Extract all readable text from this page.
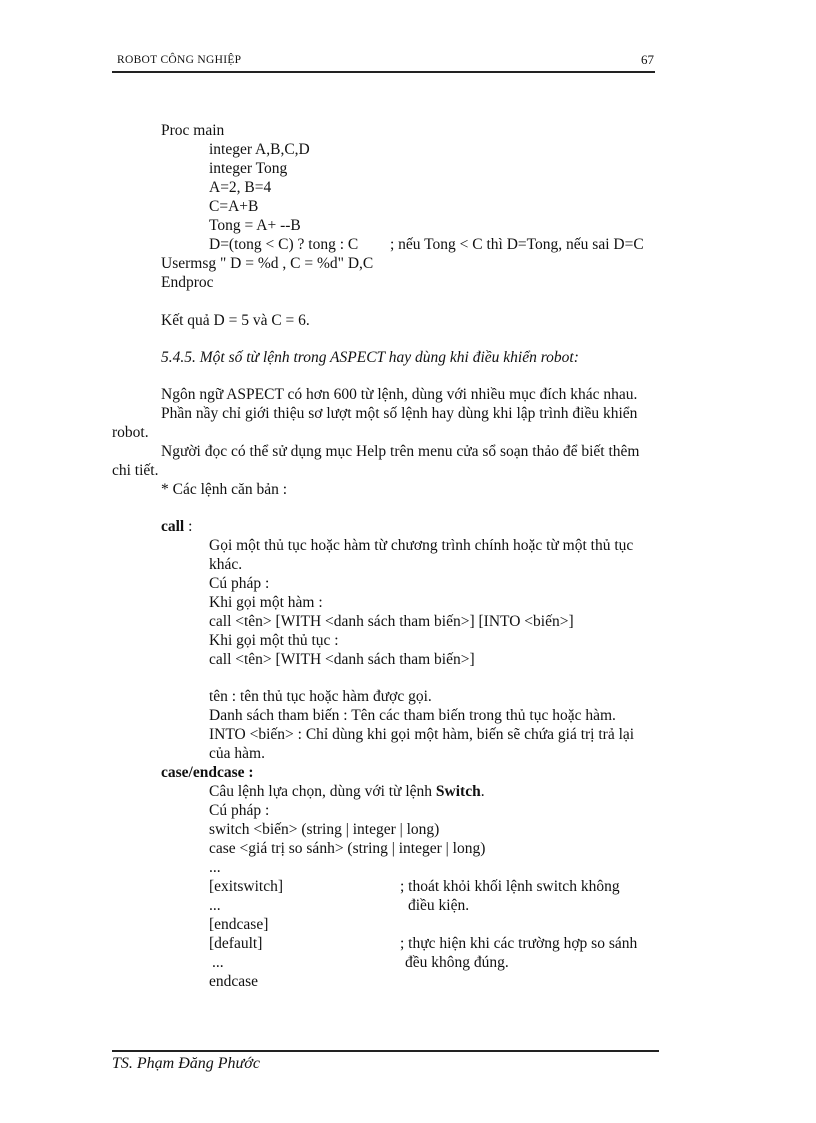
ROBOT CÔNG NGHIỆP	67
Proc main
integer A,B,C,D
integer Tong
A=2, B=4
C=A+B
Tong = A+ --B
D=(tong < C) ? tong : C ; nếu Tong < C thì D=Tong, nếu sai D=C
Usermsg " D = %d , C = %d" D,C
Endproc
Kết quả D = 5 và C = 6.
5.4.5. Một số từ lệnh trong ASPECT hay dùng khi điều khiển robot:
Ngôn ngữ ASPECT có hơn 600 từ lệnh, dùng với nhiều mục đích khác nhau.
Phần nầy chỉ giới thiệu sơ lượt một số lệnh hay dùng khi lập trình điều khiển
robot.
Người đọc có thể sử dụng mục Help trên menu cửa sổ soạn thảo để biết thêm
chi tiết.
* Các lệnh căn bản :
call :
Gọi một thủ tục hoặc hàm từ chương trình chính hoặc từ một thủ tục
khác.
Cú pháp :
Khi gọi một hàm :
call <tên> [WITH <danh sách tham biến>] [INTO <biến>]
Khi gọi một thủ tục :
call <tên> [WITH <danh sách tham biến>]
tên : tên thủ tục hoặc hàm được gọi.
Danh sách tham biến : Tên các tham biến trong thủ tục hoặc hàm.
INTO <biến> : Chỉ dùng khi gọi một hàm, biến sẽ chứa giá trị trả lại
của hàm.
case/endcase :
Câu lệnh lựa chọn, dùng với từ lệnh Switch.
Cú pháp :
switch <biến> (string | integer | long)
case <giá trị so sánh> (string | integer | long)
...
[exitswitch]	; thoát khỏi khối lệnh switch không
...	điều kiện.
[endcase]
[default]	; thực hiện khi các trường hợp so sánh
...	đều không đúng.
endcase
TS. Phạm Đăng Phước
